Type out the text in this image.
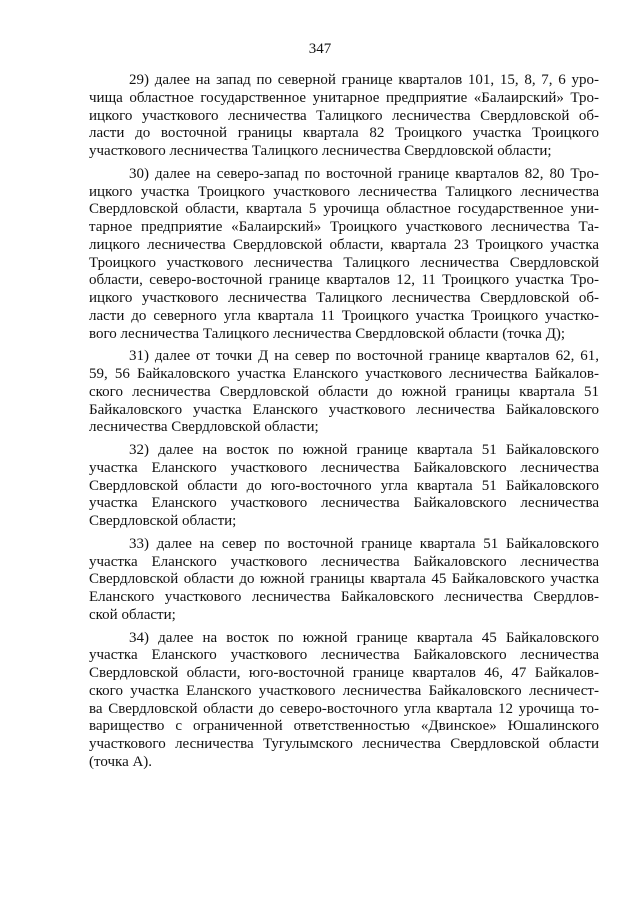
347
29) далее на запад по северной границе кварталов 101, 15, 8, 7, 6 уро-
чища областное государственное унитарное предприятие «Балаирский» Тро-
ицкого участкового лесничества Талицкого лесничества Свердловской об-
ласти до восточной границы квартала 82 Троицкого участка Троицкого
участкового лесничества Талицкого лесничества Свердловской области;
30) далее на северо-запад по восточной границе кварталов 82, 80 Тро-
ицкого участка Троицкого участкового лесничества Талицкого лесничества
Свердловской области, квартала 5 урочища областное государственное уни-
тарное предприятие «Балаирский» Троицкого участкового лесничества Та-
лицкого лесничества Свердловской области, квартала 23 Троицкого участка
Троицкого участкового лесничества Талицкого лесничества Свердловской
области, северо-восточной границе кварталов 12, 11 Троицкого участка Тро-
ицкого участкового лесничества Талицкого лесничества Свердловской об-
ласти до северного угла квартала 11 Троицкого участка Троицкого участко-
вого лесничества Талицкого лесничества Свердловской области (точка Д);
31) далее от точки Д на север по восточной границе кварталов 62, 61,
59, 56 Байкаловского участка Еланского участкового лесничества Байкалов-
ского лесничества Свердловской области до южной границы квартала 51
Байкаловского участка Еланского участкового лесничества Байкаловского
лесничества Свердловской области;
32) далее на восток по южной границе квартала 51 Байкаловского
участка Еланского участкового лесничества Байкаловского лесничества
Свердловской области до юго-восточного угла квартала 51 Байкаловского
участка Еланского участкового лесничества Байкаловского лесничества
Свердловской области;
33) далее на север по восточной границе квартала 51 Байкаловского
участка Еланского участкового лесничества Байкаловского лесничества
Свердловской области до южной границы квартала 45 Байкаловского участка
Еланского участкового лесничества Байкаловского лесничества Свердлов-
ской области;
34) далее на восток по южной границе квартала 45 Байкаловского
участка Еланского участкового лесничества Байкаловского лесничества
Свердловской области, юго-восточной границе кварталов 46, 47 Байкалов-
ского участка Еланского участкового лесничества Байкаловского лесничест-
ва Свердловской области до северо-восточного угла квартала 12 урочища то-
варищество с ограниченной ответственностью «Двинское» Юшалинского
участкового лесничества Тугулымского лесничества Свердловской области
(точка А).
